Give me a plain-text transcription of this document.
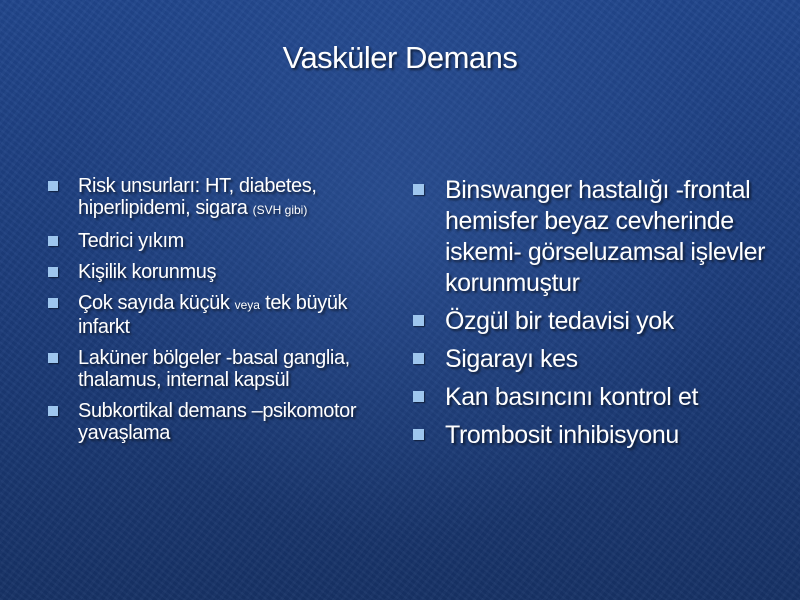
Vasküler Demans
Risk unsurları: HT, diabetes, hiperlipidemi, sigara (SVH gibi)
Tedrici yıkım
Kişilik korunmuş
Çok sayıda küçük veya tek büyük infarkt
Laküner bölgeler -basal ganglia, thalamus, internal kapsül
Subkortikal demans –psikomotor yavaşlama
Binswanger hastalığı -frontal hemisfer beyaz cevherinde iskemi- görseluzamsal işlevler korunmuştur
Özgül bir tedavisi yok
Sigarayı kes
Kan basıncını kontrol et
Trombosit inhibisyonu
